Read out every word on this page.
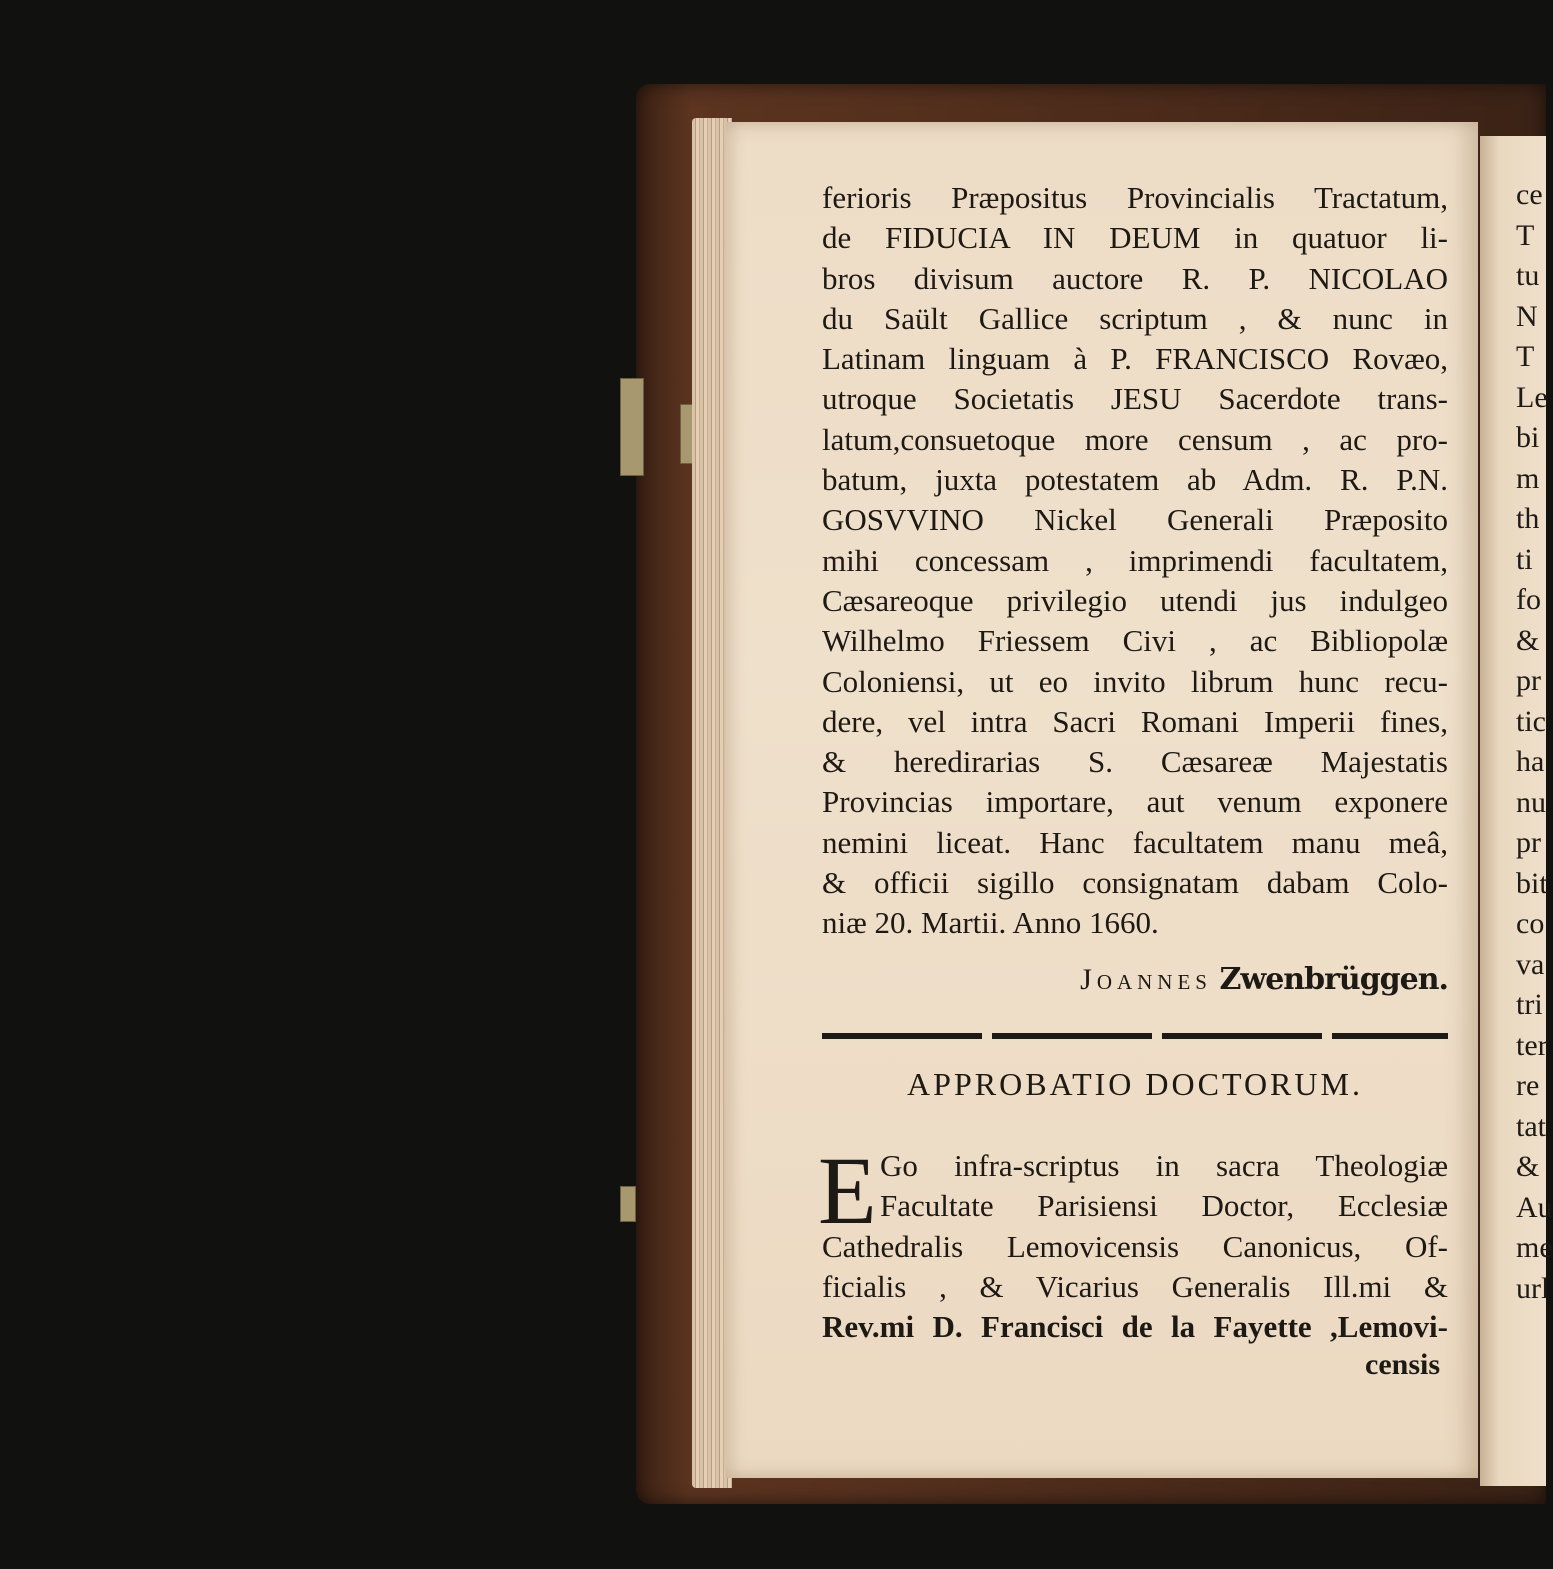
ce
T
tu
N
T
Le
bi
m
th
ti
fo
&
pr
tic
ha
nu
pr
bit
co
va
tri
ter
re
tat
&
Au
me
url
ferioris Præpositus Provincialis Tractatum,
de FIDUCIA IN DEUM in quatuor li-
bros divisum auctore R. P. NICOLAO
du Saült Gallice scriptum , & nunc in
Latinam linguam à P. FRANCISCO Rovæo,
utroque Societatis JESU Sacerdote trans-
latum,consuetoque more censum , ac pro-
batum, juxta potestatem ab Adm. R. P.N.
GOSVVINO Nickel Generali Præposito
mihi concessam , imprimendi facultatem,
Cæsareoque privilegio utendi jus indulgeo
Wilhelmo Friessem Civi , ac Bibliopolæ
Coloniensi, ut eo invito librum hunc recu-
dere, vel intra Sacri Romani Imperii fines,
& heredirarias S. Cæsareæ Majestatis
Provincias importare, aut venum exponere
nemini liceat. Hanc facultatem manu meâ,
& officii sigillo consignatam dabam Colo-
niæ 20. Martii. Anno 1660.
Joannes Zwenbrüggen.
APPROBATIO DOCTORUM.
E Go infra-scriptus in sacra Theologiæ
Facultate Parisiensi Doctor, Ecclesiæ
Cathedralis Lemovicensis Canonicus, Of-
ficialis , & Vicarius Generalis Ill.mi &
Rev.mi D. Francisci de la Fayette ,Lemovi-
censis
